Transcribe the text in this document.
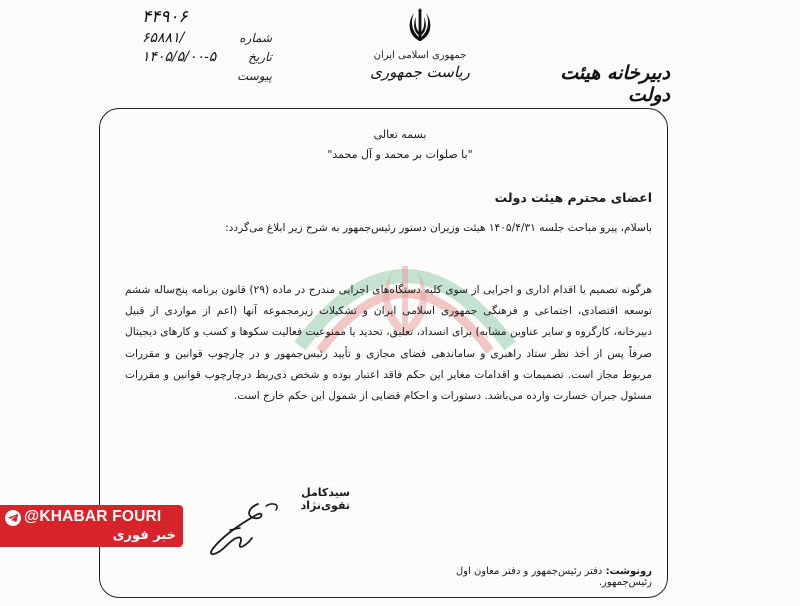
۴۴۹۰۶
شماره
۶۵۸۸۱/
تاریخ
۱۴۰۵/۵/۰۰-۵
پیوست
جمهوری اسلامی ایران
ریاست جمهوری	دبیرخانه هیئت دولت
بسمه تعالی
"با صلوات بر محمد و آل محمد"
اعضای محترم هیئت دولت
باسلام، پیرو مباحث جلسه ۱۴۰۵/۴/۳۱ هیئت وزیران دستور رئیس‌جمهور به شرح زیر ابلاغ می‌گردد:
هرگونه تصمیم یا اقدام اداری و اجرایی از سوی کلیه دستگاه‌های اجرایی مندرج در ماده (۲۹) قانون برنامه پنج‌ساله ششم توسعه اقتصادی، اجتماعی و فرهنگی جمهوری اسلامی ایران و تشکیلات زیرمجموعه آنها (اعم از مواردی از قبیل دبیرخانه، کارگروه و سایر عناوین مشابه) برای انسداد، تعلیق، تحدید یا ممنوعیت فعالیت سکوها و کسب و کارهای دیجیتال صرفاً پس از أخذ نظر ستاد راهبری و ساماندهی فضای مجازی و تأیید رئیس‌جمهور و در چارچوب قوانین و مقررات مربوط مجاز است. تصمیمات و اقدامات مغایر این حکم فاقد اعتبار بوده و شخص ذی‌ربط درچارچوب قوانین و مقررات مسئول جبران خسارت وارده می‌باشد. دستورات و احکام قضایی از شمول این حکم خارج است.
سیدکامل تقوی‌نژاد
رونوشت: دفتر رئیس‌جمهور و دفتر معاون اول رئیس‌جمهور.
@KHABAR FOURI
خبر فوری
